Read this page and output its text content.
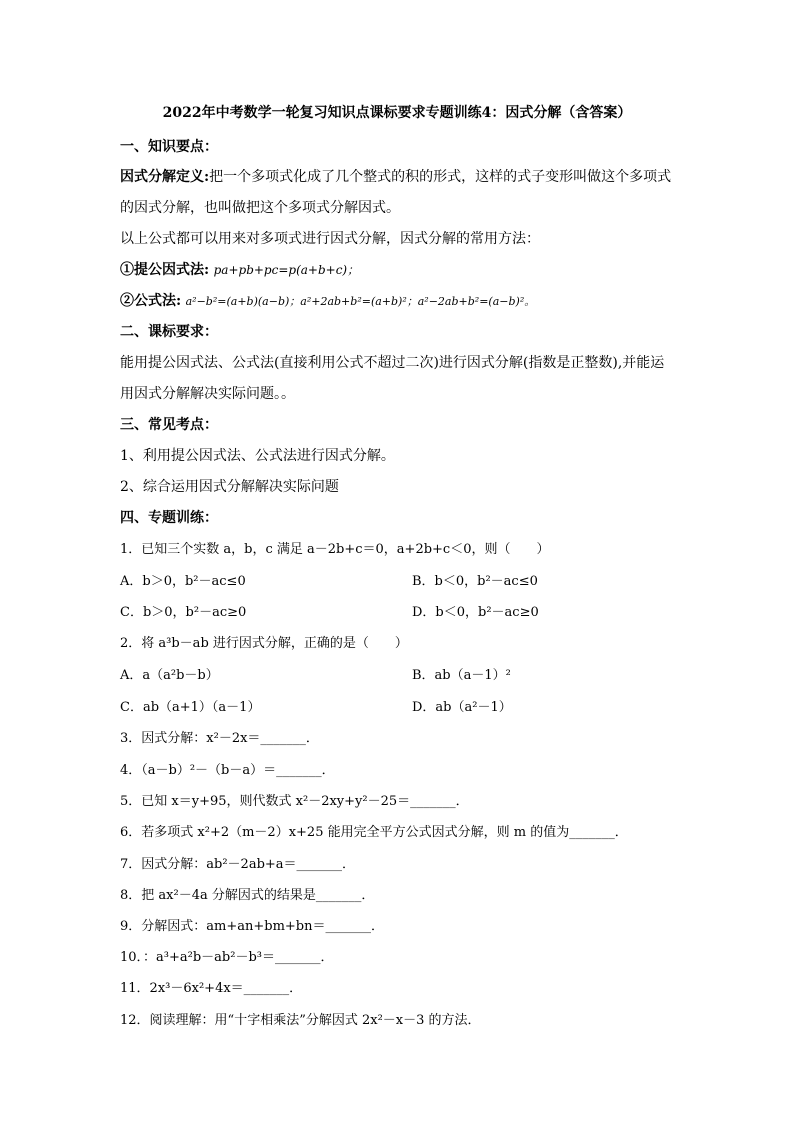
2022年中考数学一轮复习知识点课标要求专题训练4：因式分解（含答案）
一、知识要点：
因式分解定义:把一个多项式化成了几个整式的积的形式，这样的式子变形叫做这个多项式
的因式分解，也叫做把这个多项式分解因式。
以上公式都可以用来对多项式进行因式分解，因式分解的常用方法：
①提公因式法: pa+pb+pc=p(a+b+c)；
②公式法: a²−b²=(a+b)(a−b)；a²+2ab+b²=(a+b)²；a²−2ab+b²=(a−b)²。
二、课标要求：
能用提公因式法、公式法(直接利用公式不超过二次)进行因式分解(指数是正整数),并能运
用因式分解解决实际问题。。
三、常见考点：
1、利用提公因式法、公式法进行因式分解。
2、综合运用因式分解解决实际问题
四、专题训练：
1．已知三个实数 a，b，c 满足 a－2b+c＝0，a+2b+c＜0，则（　　）
A．b＞0，b²－ac≤0	B．b＜0，b²－ac≤0
C．b＞0，b²－ac≥0	D．b＜0，b²－ac≥0
2．将 a³b－ab 进行因式分解，正确的是（　　）
A．a（a²b－b）	B．ab（a－1）²
C．ab（a+1）（a－1）	D．ab（a²－1）
3．因式分解：x²－2x＝_______．
4．（a－b）²－（b－a）＝_______．
5．已知 x＝y+95，则代数式 x²－2xy+y²－25＝_______．
6．若多项式 x²+2（m－2）x+25 能用完全平方公式因式分解，则 m 的值为_______．
7．因式分解：ab²－2ab+a＝_______．
8．把 ax²－4a 分解因式的结果是_______．
9．分解因式：am+an+bm+bn＝_______．
10．：a³+a²b－ab²－b³＝_______．
11．2x³－6x²+4x＝_______．
12．阅读理解：用“十字相乘法”分解因式 2x²－x－3 的方法．
